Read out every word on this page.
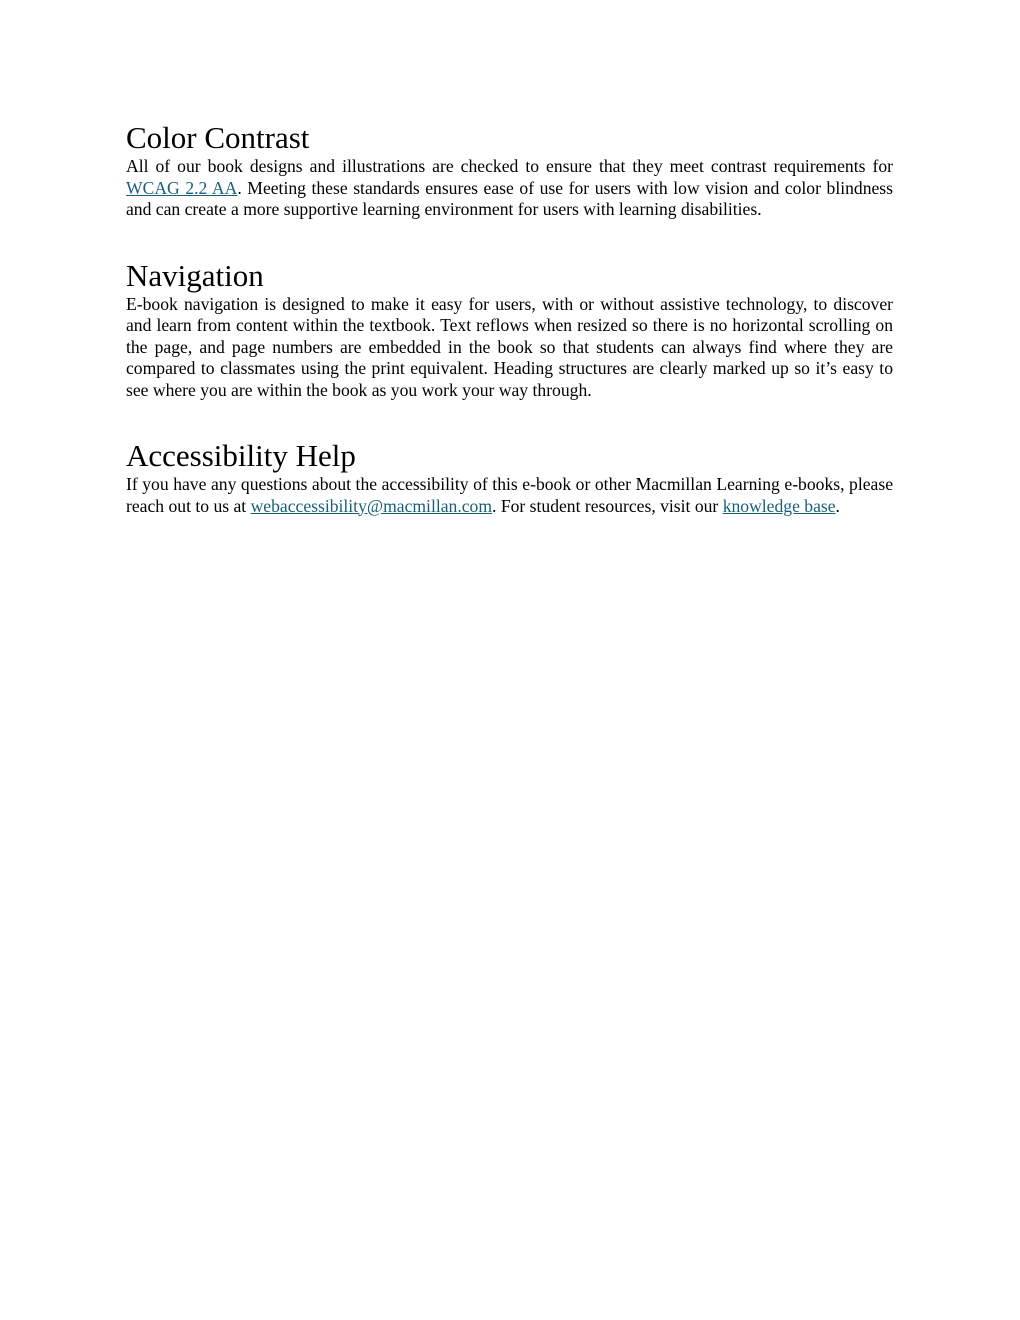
Color Contrast

All of our book designs and illustrations are checked to ensure that they meet contrast requirements for WCAG 2.2 AA. Meeting these standards ensures ease of use for users with low vision and color blindness and can create a more supportive learning environment for users with learning disabilities.

Navigation

E-book navigation is designed to make it easy for users, with or without assistive technology, to discover and learn from content within the textbook. Text reflows when resized so there is no horizontal scrolling on the page, and page numbers are embedded in the book so that students can always find where they are compared to classmates using the print equivalent. Heading structures are clearly marked up so it’s easy to see where you are within the book as you work your way through.

Accessibility Help

If you have any questions about the accessibility of this e-book or other Macmillan Learning e-books, please reach out to us at webaccessibility@macmillan.com. For student resources, visit our knowledge base.
